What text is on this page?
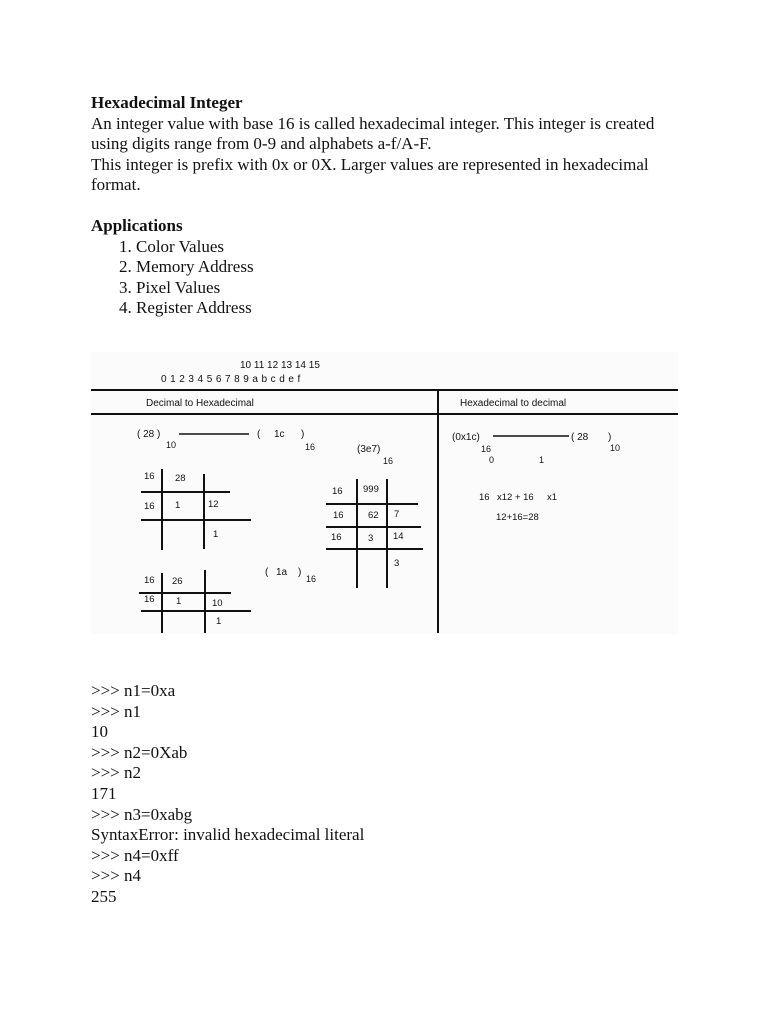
Hexadecimal Integer

An integer value with base 16 is called hexadecimal integer. This integer is created using digits range from 0-9 and alphabets a-f/A-F.

This integer is prefix with 0x or 0X. Larger values are represented in hexadecimal format.

Applications

1. Color Values
2. Memory Address
3. Pixel Values
4. Register Address
10 11 12 13 14 15
0 1 2 3 4 5 6 7 8 9 a b c d e f
Decimal to Hexadecimal	Hexadecimal to decimal
( 28 )
10
( 1c )
16
16 28
16 1	12
1
16 26
16 1	10
1
( 1a )
16
(3e7)
16
16 999
16	62 7
16	3 14
3
(0x1c)
16
( 28 )
10
0	1
16 x12 + 16 x1
12+16=28
>>> n1=0xa
>>> n1
10
>>> n2=0Xab
>>> n2
171
>>> n3=0xabg
SyntaxError: invalid hexadecimal literal
>>> n4=0xff
>>> n4
255
